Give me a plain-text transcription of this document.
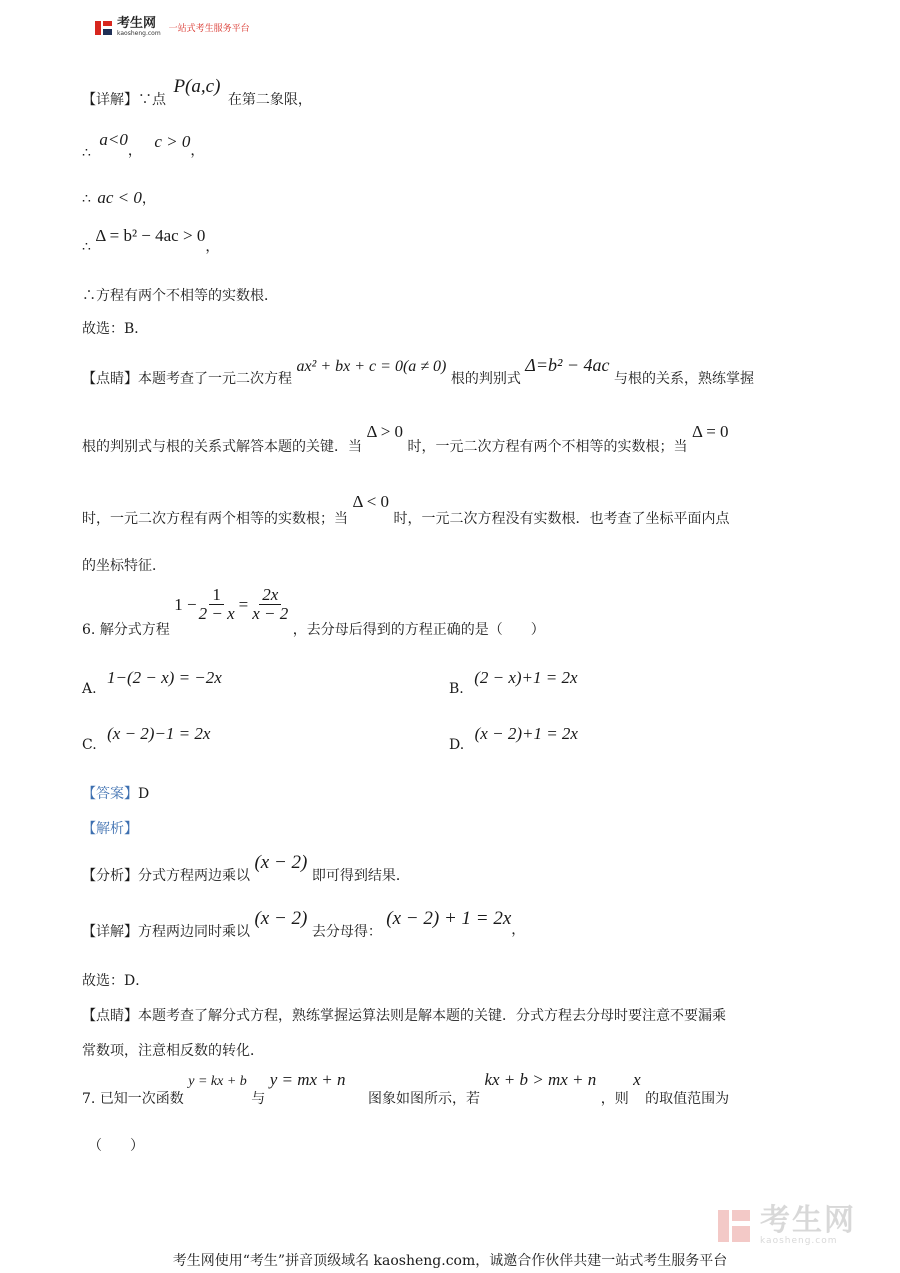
考生网
kaosheng.com 一站式考生服务平台
【详解】∵点 P(a,c) 在第二象限，
∴ a<0， c > 0，
∴ ac < 0，
∴ Δ = b² − 4ac > 0，
∴方程有两个不相等的实数根．
故选：B．
【点睛】本题考查了一元二次方程 ax² + bx + c = 0(a ≠ 0) 根的判别式 Δ=b² − 4ac 与根的关系，熟练掌握
根的判别式与根的关系式解答本题的关键．当 Δ > 0 时，一元二次方程有两个不相等的实数根；当 Δ = 0
时，一元二次方程有两个相等的实数根；当 Δ < 0 时，一元二次方程没有实数根．也考查了坐标平面内点
的坐标特征．
6. 解分式方程
$1 - \frac{1}{2 - x} = \frac{2x}{x - 2}$
，去分母后得到的方程正确的是（　　）
A. 1−(2 − x) = −2x
B. (2 − x)+1 = 2x
C. (x − 2)−1 = 2x
D. (x − 2)+1 = 2x
【答案】D
【解析】
【分析】分式方程两边乘以 (x − 2) 即可得到结果．
【详解】方程两边同时乘以 (x − 2) 去分母得： (x − 2) + 1 = 2x，
故选：D．
【点睛】本题考查了解分式方程，熟练掌握运算法则是解本题的关键．分式方程去分母时要注意不要漏乘
常数项，注意相反数的转化．
7. 已知一次函数 y = kx + b 与 y = mx + n 图象如图所示，若 kx + b > mx + n ，则 x 的取值范围为
（　　）
考生网
kaosheng.com
考生网使用“考生”拼音顶级域名 kaosheng.com，诚邀合作伙伴共建一站式考生服务平台
